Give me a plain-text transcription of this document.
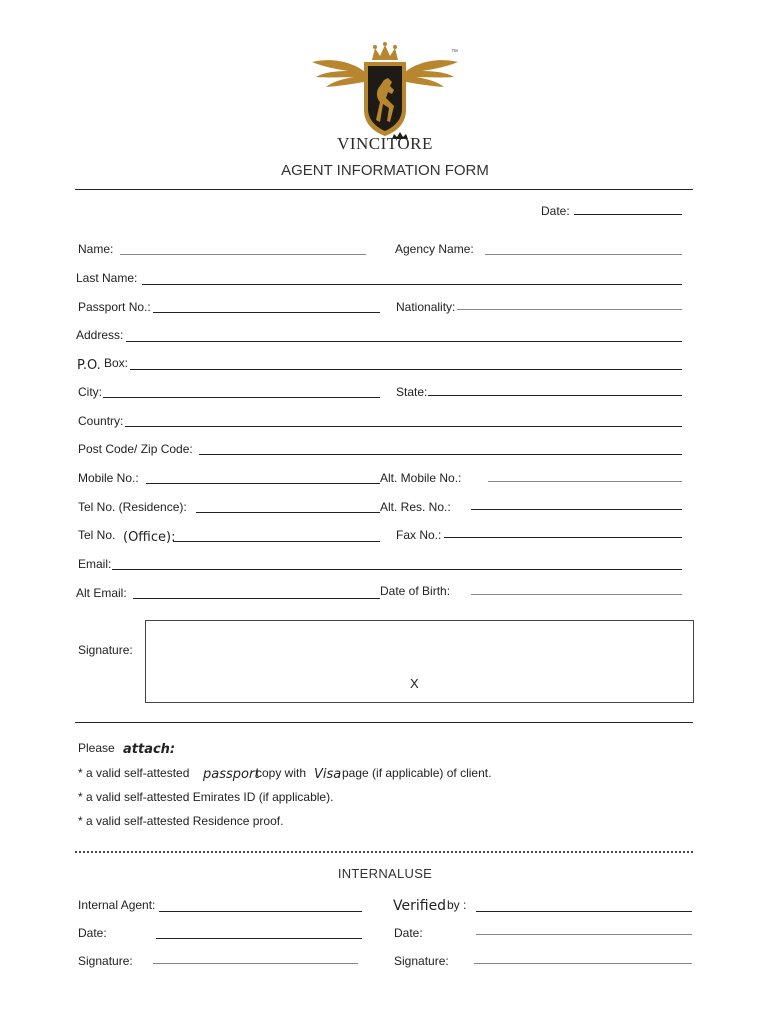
™
VINCITORE
AGENT INFORMATION FORM
Date:
Name:	Agency Name:
Last Name:
Passport No.:	Nationality:
Address:
P.O. Box:
City:	State:
Country:
Post Code/ Zip Code:
Mobile No.:	Alt. Mobile No.:
Tel No. (Residence):	Alt. Res. No.:
Tel No. (Office):	Fax No.:
Email:
Alt Email:	Date of Birth:
Signature:
X
Please attach:
* a valid self-attested passport
copy with Visa page (if applicable) of client.
* a valid self-attested Emirates ID (if applicable).
* a valid self-attested Residence proof.
INTERNALUSE
Internal Agent:	Verified by :
Date:	Date:
Signature:	Signature:
